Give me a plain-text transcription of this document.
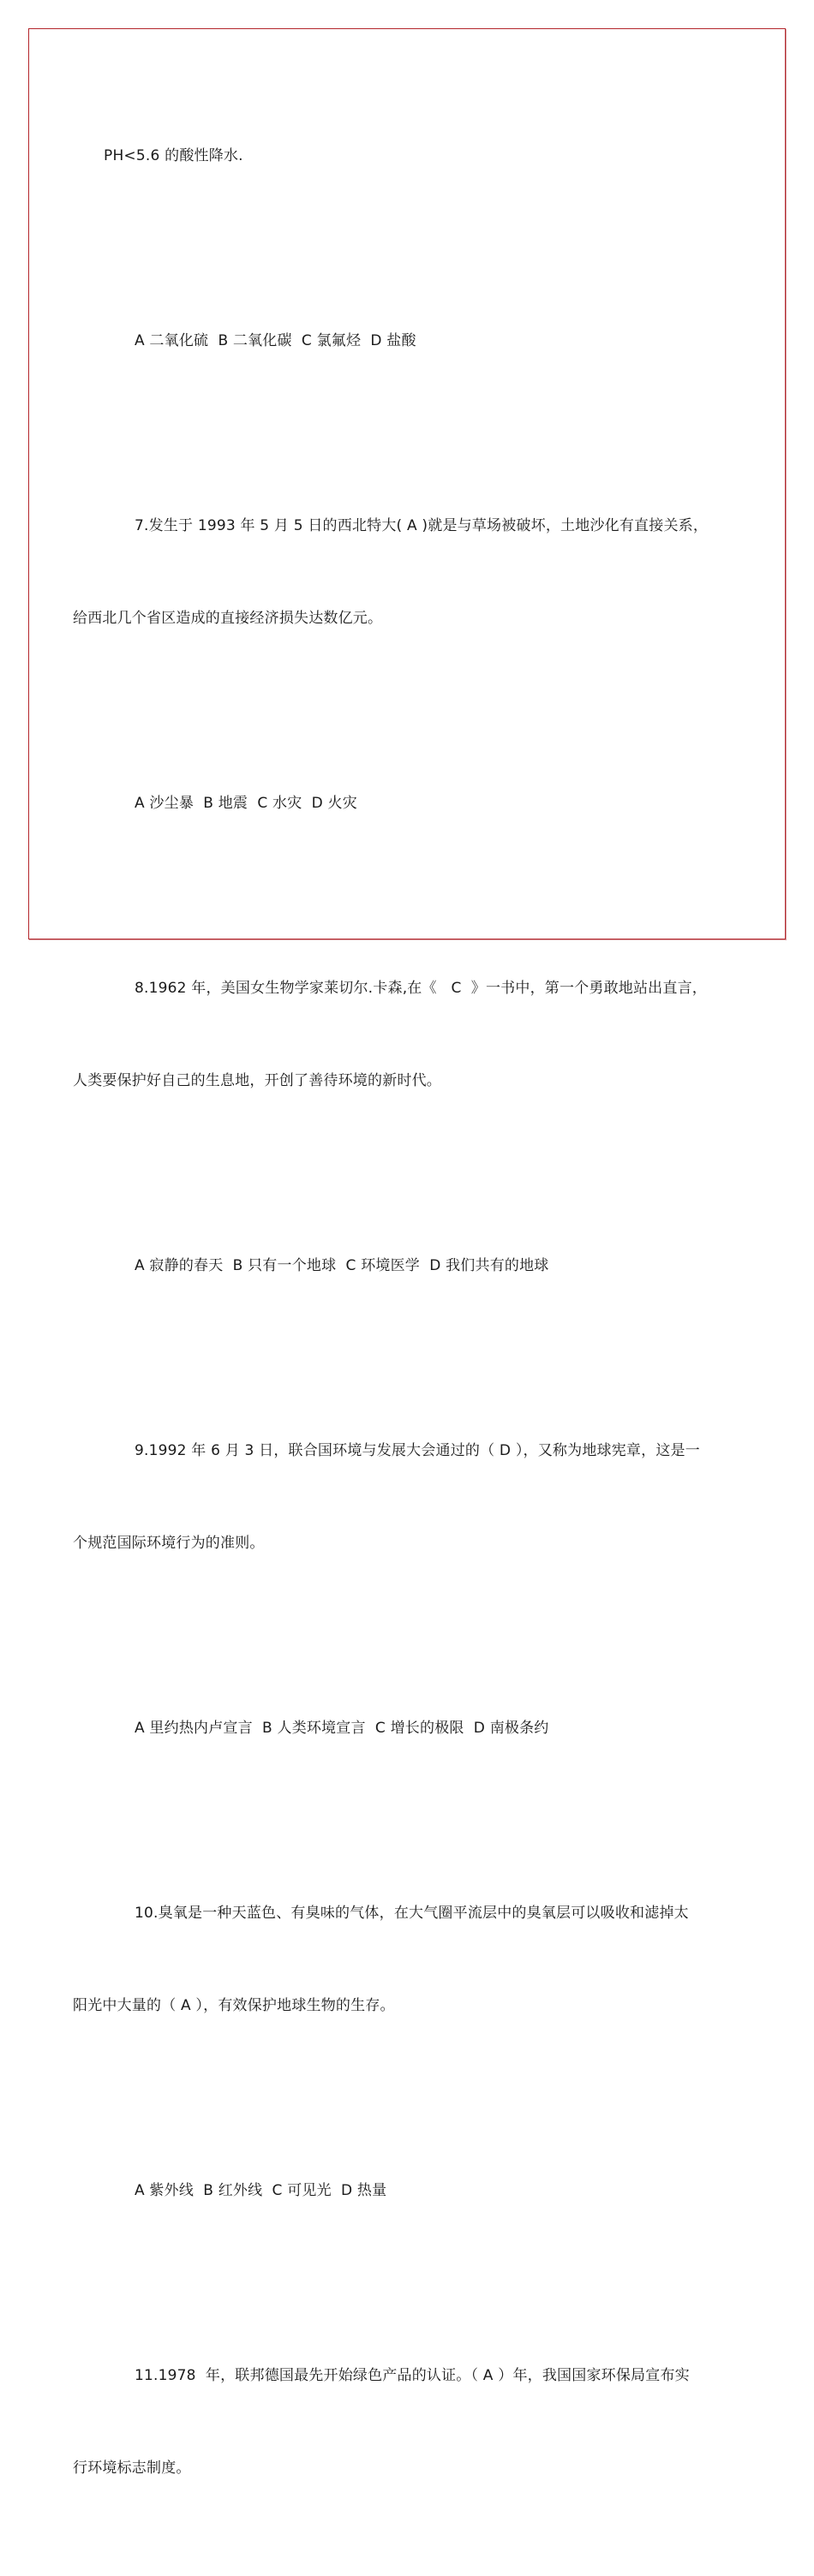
PH<5.6 的酸性降水.

A 二氧化硫  B 二氧化碳  C 氯氟烃  D 盐酸

7.发生于 1993 年 5 月 5 日的西北特大( A )就是与草场被破坏，土地沙化有直接关系，

给西北几个省区造成的直接经济损失达数亿元。

A 沙尘暴  B 地震  C 水灾  D 火灾

8.1962 年，美国女生物学家莱切尔.卡森,在《   C  》一书中，第一个勇敢地站出直言，

人类要保护好自己的生息地，开创了善待环境的新时代。

A 寂静的春天  B 只有一个地球  C 环境医学  D 我们共有的地球

9.1992 年 6 月 3 日，联合国环境与发展大会通过的（ D ），又称为地球宪章，这是一

个规范国际环境行为的准则。

A 里约热内卢宣言  B 人类环境宣言  C 增长的极限  D 南极条约

10.臭氧是一种天蓝色、有臭味的气体，在大气圈平流层中的臭氧层可以吸收和滤掉太

阳光中大量的（ A ），有效保护地球生物的生存。

A 紫外线  B 红外线  C 可见光  D 热量

11.1978  年，联邦德国最先开始绿色产品的认证。（ A ）年，我国国家环保局宣布实

行环境标志制度。
